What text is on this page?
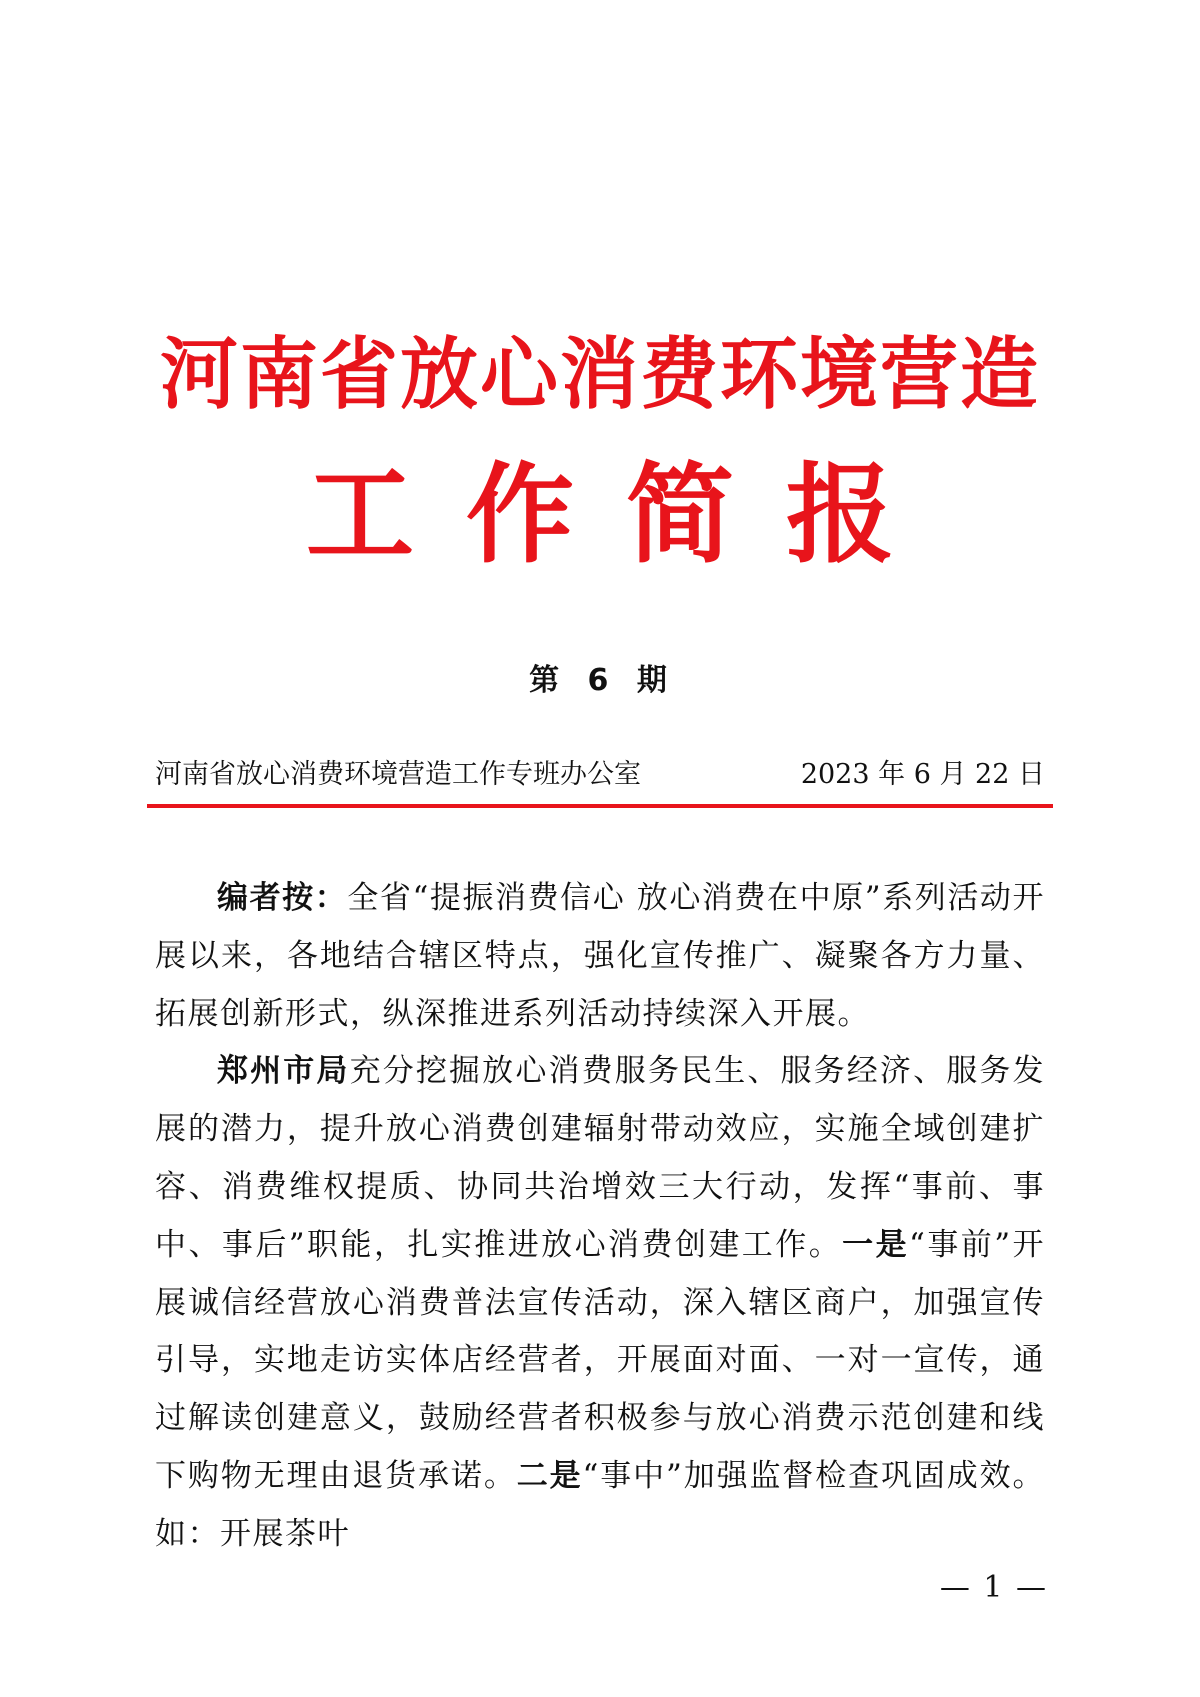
河南省放心消费环境营造
工作简报
第 6 期
河南省放心消费环境营造工作专班办公室	2023 年 6 月 22 日

编者按：全省“提振消费信心 放心消费在中原”系列活动开展以来，各地结合辖区特点，强化宣传推广、凝聚各方力量、拓展创新形式，纵深推进系列活动持续深入开展。

郑州市局充分挖掘放心消费服务民生、服务经济、服务发展的潜力，提升放心消费创建辐射带动效应，实施全域创建扩容、消费维权提质、协同共治增效三大行动，发挥“事前、事中、事后”职能，扎实推进放心消费创建工作。一是“事前”开展诚信经营放心消费普法宣传活动，深入辖区商户，加强宣传引导，实地走访实体店经营者，开展面对面、一对一宣传，通过解读创建意义，鼓励经营者积极参与放心消费示范创建和线下购物无理由退货承诺。二是“事中”加强监督检查巩固成效。如：开展茶叶

— 1 —
